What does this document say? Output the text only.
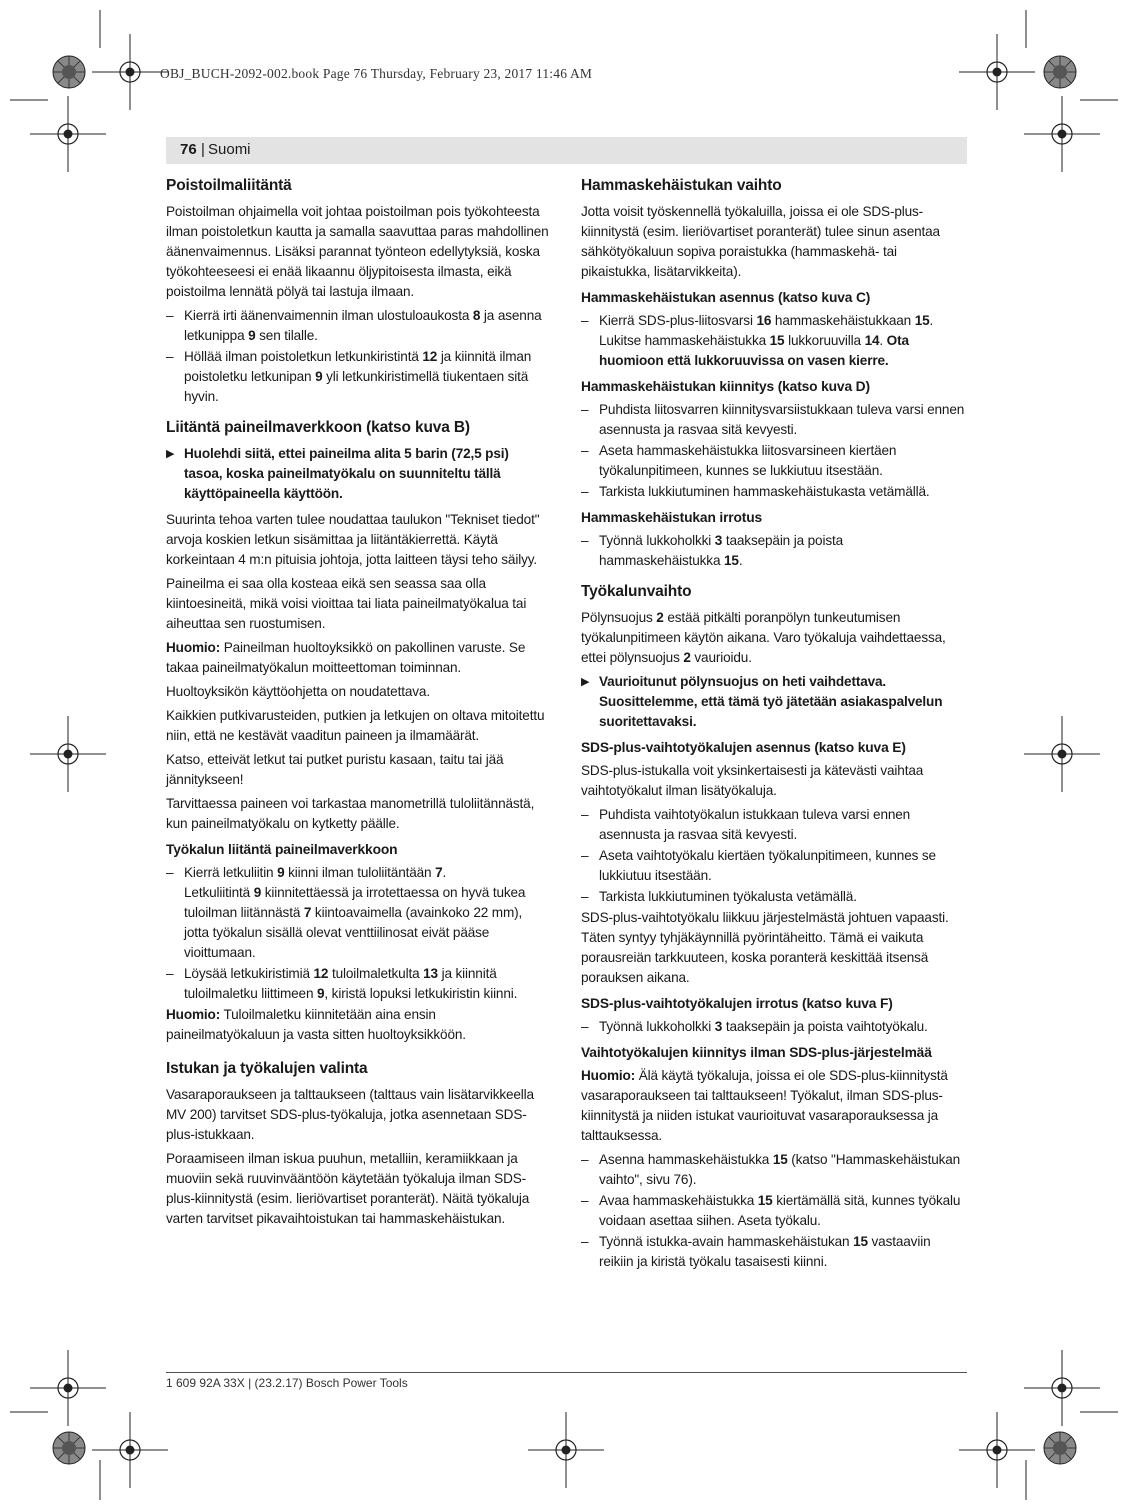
OBJ_BUCH-2092-002.book Page 76 Thursday, February 23, 2017 11:46 AM
76 | Suomi
Poistoilmaliitäntä

Poistoilman ohjaimella voit johtaa poistoilman pois työkohteesta ilman poistoletkun kautta ja samalla saavuttaa paras mahdollinen äänenvaimennus. Lisäksi parannat työnteon edellytyksiä, koska työkohteeseesi ei enää likaannu öljypitoisesta ilmasta, eikä poistoilma lennätä pölyä tai lastuja ilmaan.

– Kierrä irti äänenvaimennin ilman ulostuloaukosta 8 ja asenna letkunippa 9 sen tilalle.
– Höllää ilman poistoletkun letkunkiristintä 12 ja kiinnitä ilman poistoletku letkunipan 9 yli letkunkiristimellä tiukentaen sitä hyvin.
Liitäntä paineilmaverkkoon (katso kuva B)
▶ Huolehdi siitä, ettei paineilma alita 5 barin (72,5 psi) tasoa, koska paineilmatyökalu on suunniteltu tällä käyttöpaineella käyttöön.

Suurinta tehoa varten tulee noudattaa taulukon "Tekniset tiedot" arvoja koskien letkun sisämittaa ja liitäntäkierrettä. Käytä korkeintaan 4 m:n pituisia johtoja, jotta laitteen täysi teho säilyy.

Paineilma ei saa olla kosteaa eikä sen seassa saa olla kiintoesineitä, mikä voisi vioittaa tai liata paineilmatyökalua tai aiheuttaa sen ruostumisen.

Huomio: Paineilman huoltoyksikkö on pakollinen varuste. Se takaa paineilmatyökalun moitteettoman toiminnan.

Huoltoyksikön käyttöohjetta on noudatettava.

Kaikkien putkivarusteiden, putkien ja letkujen on oltava mitoitettu niin, että ne kestävät vaaditun paineen ja ilmamäärät.

Katso, etteivät letkut tai putket puristu kasaan, taitu tai jää jännitykseen!

Tarvittaessa paineen voi tarkastaa manometrillä tuloliitännästä, kun paineilmatyökalu on kytketty päälle.

Työkalun liitäntä paineilmaverkkoon
– Kierrä letkuliitin 9 kiinni ilman tuloliitäntään 7.
Letkuliitintä 9 kiinnitettäessä ja irrotettaessa on hyvä tukea tuloilman liitännästä 7 kiintoavaimella (avainkoko 22 mm), jotta työkalun sisällä olevat venttiilinosat eivät pääse vioittumaan.
– Löysää letkukiristimiä 12 tuloilmaletkulta 13 ja kiinnitä tuloilmaletku liittimeen 9, kiristä lopuksi letkukiristin kiinni.

Huomio: Tuloilmaletku kiinnitetään aina ensin paineilmatyökaluun ja vasta sitten huoltoyksikköön.

Istukan ja työkalujen valinta

Vasaraporaukseen ja talttaukseen (talttaus vain lisätarvikkeella MV 200) tarvitset SDS-plus-työkaluja, jotka asennetaan SDS-plus-istukkaan.

Poraamiseen ilman iskua puuhun, metalliin, keramiikkaan ja muoviin sekä ruuvinvääntöön käytetään työkaluja ilman SDS-plus-kiinnitystä (esim. lieriövartiset poranterät). Näitä työkaluja varten tarvitset pikavaihtoistukan tai hammaskehäistukan.

Hammaskehäistukan vaihto

Jotta voisit työskennellä työkaluilla, joissa ei ole SDS-plus-kiinnitystä (esim. lieriövartiset poranterät) tulee sinun asentaa sähkötyökaluun sopiva poraistukka (hammaskehä- tai pikaistukka, lisätarvikkeita).

Hammaskehäistukan asennus (katso kuva C)
– Kierrä SDS-plus-liitosvarsi 16 hammaskehäistukkaan 15. Lukitse hammaskehäistukka 15 lukkoruuvilla 14. Ota huomioon että lukkoruuvissa on vasen kierre.
Hammaskehäistukan kiinnitys (katso kuva D)
– Puhdista liitosvarren kiinnitysvarsiistukkaan tuleva varsi ennen asennusta ja rasvaa sitä kevyesti.
– Aseta hammaskehäistukka liitosvarsineen kiertäen työkalunpitimeen, kunnes se lukkiutuu itsestään.
– Tarkista lukkiutuminen hammaskehäistukasta vetämällä.
Hammaskehäistukan irrotus
– Työnnä lukkoholkki 3 taaksepäin ja poista hammaskehäistukka 15.
Työkalunvaihto

Pölynsuojus 2 estää pitkälti poranpölyn tunkeutumisen työkalunpitimeen käytön aikana. Varo työkaluja vaihdettaessa, ettei pölynsuojus 2 vaurioidu.

▶ Vaurioitunut pölynsuojus on heti vaihdettava. Suosittelemme, että tämä työ jätetään asiakaspalvelun suoritettavaksi.
SDS-plus-vaihtotyökalujen asennus (katso kuva E)

SDS-plus-istukalla voit yksinkertaisesti ja kätevästi vaihtaa vaihtotyökalut ilman lisätyökaluja.

– Puhdista vaihtotyökalun istukkaan tuleva varsi ennen asennusta ja rasvaa sitä kevyesti.
– Aseta vaihtotyökalu kiertäen työkalunpitimeen, kunnes se lukkiutuu itsestään.
– Tarkista lukkiutuminen työkalusta vetämällä.

SDS-plus-vaihtotyökalu liikkuu järjestelmästä johtuen vapaasti. Täten syntyy tyhjäkäynnillä pyörintäheitto. Tämä ei vaikuta porausreiän tarkkuuteen, koska poranterä keskittää itsensä porauksen aikana.

SDS-plus-vaihtotyökalujen irrotus (katso kuva F)
– Työnnä lukkoholkki 3 taaksepäin ja poista vaihtotyökalu.
Vaihtotyökalujen kiinnitys ilman SDS-plus-järjestelmää

Huomio: Älä käytä työkaluja, joissa ei ole SDS-plus-kiinnitystä vasaraporaukseen tai talttaukseen! Työkalut, ilman SDS-plus-kiinnitystä ja niiden istukat vaurioituvat vasaraporauksessa ja talttauksessa.

– Asenna hammaskehäistukka 15 (katso "Hammaskehäistukan vaihto", sivu 76).
– Avaa hammaskehäistukka 15 kiertämällä sitä, kunnes työkalu voidaan asettaa siihen. Aseta työkalu.
– Työnnä istukka-avain hammaskehäistukan 15 vastaaviin reikiin ja kiristä työkalu tasaisesti kiinni.
1 609 92A 33X | (23.2.17) Bosch Power Tools
